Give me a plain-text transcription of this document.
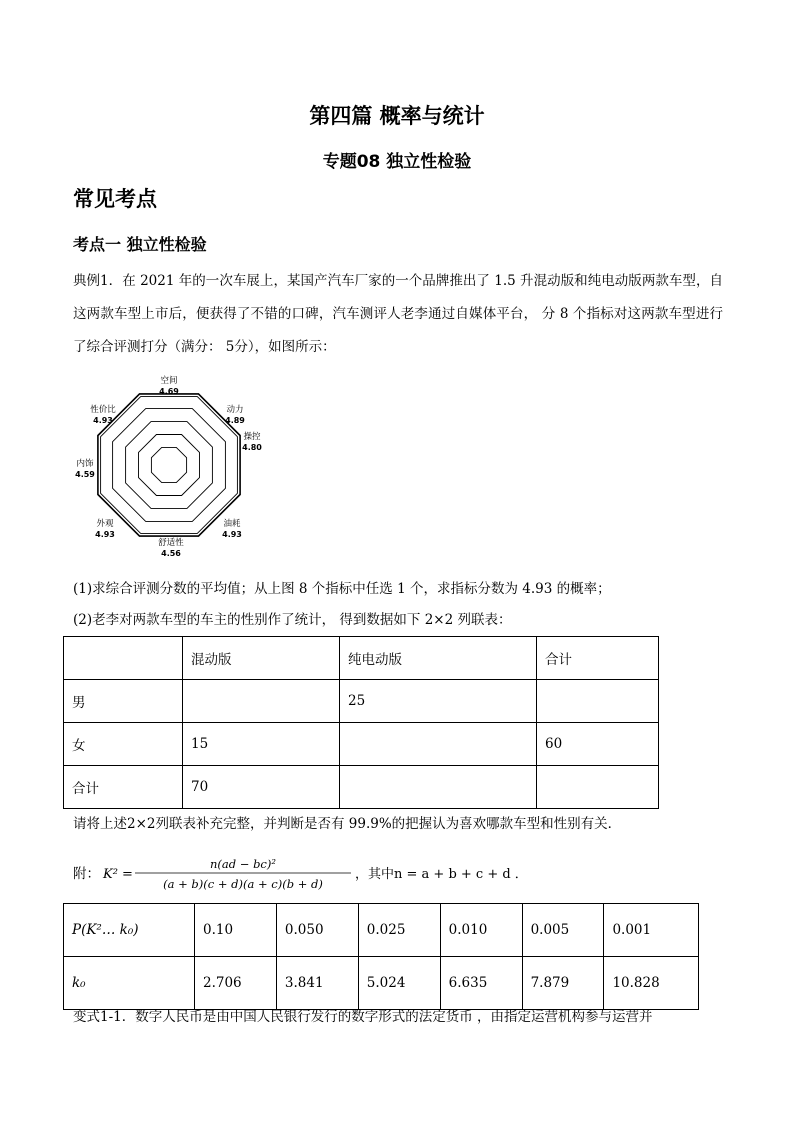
第四篇 概率与统计
专题08 独立性检验
常见考点
考点一 独立性检验
典例1．在 2021 年的一次车展上，某国产汽车厂家的一个品牌推出了 1.5 升混动版和纯电动版两款车型，自这两款车型上市后，便获得了不错的口碑，汽车测评人老李通过自媒体平台， 分 8 个指标对这两款车型进行了综合评测打分（满分： 5分），如图所示：
空间
4.69
动力
4.89
操控
4.80
油耗
4.93
舒适性
4.56
外观
4.93
内饰
4.59
性价比
4.93
(1)求综合评测分数的平均值；从上图 8 个指标中任选 1 个，求指标分数为 4.93 的概率；
(2)老李对两款车型的车主的性别作了统计， 得到数据如下 2×2 列联表：
	混动版	纯电动版	合计
男		25	
女	15		60
合计	70		
请将上述2×2列联表补充完整，并判断是否有 99.9%的把握认为喜欢哪款车型和性别有关．
附： K² =
n(ad − bc)²
(a + b)(c + d)(a + c)(b + d)
，其中n = a + b + c + d ．
P(K²… k₀)	0.10	0.050	0.025	0.010	0.005	0.001
k₀	2.706	3.841	5.024	6.635	7.879	10.828
变式1-1．数字人民币是由中国人民银行发行的数字形式的法定货币 ，由指定运营机构参与运营并
